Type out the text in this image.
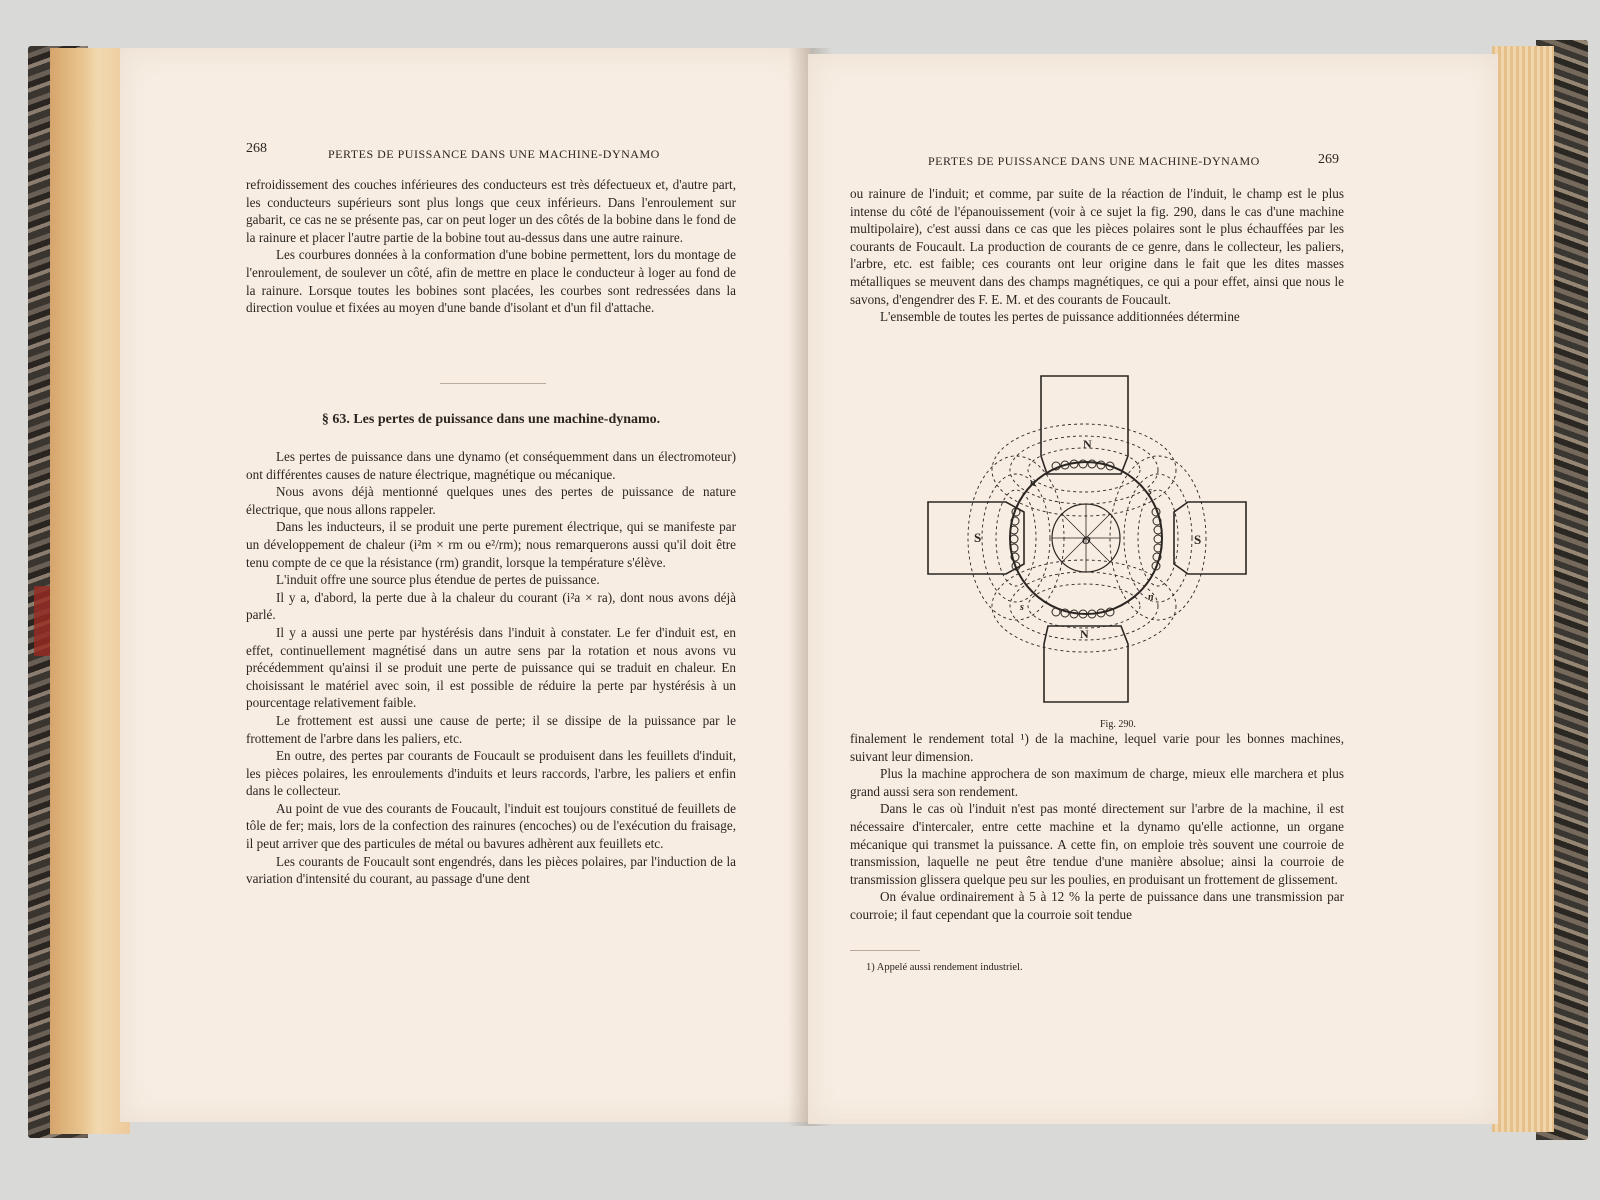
268	PERTES DE PUISSANCE DANS UNE MACHINE-DYNAMO

refroidissement des couches inférieures des conducteurs est très défectueux et, d'autre part, les conducteurs supérieurs sont plus longs que ceux inférieurs. Dans l'enroulement sur gabarit, ce cas ne se présente pas, car on peut loger un des côtés de la bobine dans le fond de la rainure et placer l'autre partie de la bobine tout au-dessus dans une autre rainure.

Les courbures données à la conformation d'une bobine permettent, lors du montage de l'enroulement, de soulever un côté, afin de mettre en place le conducteur à loger au fond de la rainure. Lorsque toutes les bobines sont placées, les courbes sont redressées dans la direction voulue et fixées au moyen d'une bande d'isolant et d'un fil d'attache.

§ 63. Les pertes de puissance dans une machine-dynamo.

Les pertes de puissance dans une dynamo (et conséquemment dans un électromoteur) ont différentes causes de nature électrique, magnétique ou mécanique.

Nous avons déjà mentionné quelques unes des pertes de puissance de nature électrique, que nous allons rappeler.

Dans les inducteurs, il se produit une perte purement électrique, qui se manifeste par un développement de chaleur (i²m × rm ou e²/rm); nous remarquerons aussi qu'il doit être tenu compte de ce que la résistance (rm) grandit, lorsque la température s'élève.

L'induit offre une source plus étendue de pertes de puissance.

Il y a, d'abord, la perte due à la chaleur du courant (i²a × ra), dont nous avons déjà parlé.

Il y a aussi une perte par hystérésis dans l'induit à constater. Le fer d'induit est, en effet, continuellement magnétisé dans un autre sens par la rotation et nous avons vu précédemment qu'ainsi il se produit une perte de puissance qui se traduit en chaleur. En choisissant le matériel avec soin, il est possible de réduire la perte par hystérésis à un pourcentage relativement faible.

Le frottement est aussi une cause de perte; il se dissipe de la puissance par le frottement de l'arbre dans les paliers, etc.

En outre, des pertes par courants de Foucault se produisent dans les feuillets d'induit, les pièces polaires, les enroulements d'induits et leurs raccords, l'arbre, les paliers et enfin dans le collecteur.

Au point de vue des courants de Foucault, l'induit est toujours constitué de feuillets de tôle de fer; mais, lors de la confection des rainures (encoches) ou de l'exécution du fraisage, il peut arriver que des particules de métal ou bavures adhèrent aux feuillets etc.

Les courants de Foucault sont engendrés, dans les pièces polaires, par l'induction de la variation d'intensité du courant, au passage d'une dent

PERTES DE PUISSANCE DANS UNE MACHINE-DYNAMO	269

ou rainure de l'induit; et comme, par suite de la réaction de l'induit, le champ est le plus intense du côté de l'épanouissement (voir à ce sujet la fig. 290, dans le cas d'une machine multipolaire), c'est aussi dans ce cas que les pièces polaires sont le plus échauffées par les courants de Foucault. La production de courants de ce genre, dans le collecteur, les paliers, l'arbre, etc. est faible; ces courants ont leur origine dans le fait que les dites masses métalliques se meuvent dans des champs magnétiques, ce qui a pour effet, ainsi que nous le savons, d'engendrer des F. E. M. et des courants de Foucault.

L'ensemble de toutes les pertes de puissance additionnées détermine

N
N
S	S
O
n
s
s
n
Fig. 290.

finalement le rendement total ¹) de la machine, lequel varie pour les bonnes machines, suivant leur dimension.

Plus la machine approchera de son maximum de charge, mieux elle marchera et plus grand aussi sera son rendement.

Dans le cas où l'induit n'est pas monté directement sur l'arbre de la machine, il est nécessaire d'intercaler, entre cette machine et la dynamo qu'elle actionne, un organe mécanique qui transmet la puissance. A cette fin, on emploie très souvent une courroie de transmission, laquelle ne peut être tendue d'une manière absolue; ainsi la courroie de transmission glissera quelque peu sur les poulies, en produisant un frottement de glissement.

On évalue ordinairement à 5 à 12 % la perte de puissance dans une transmission par courroie; il faut cependant que la courroie soit tendue

1) Appelé aussi rendement industriel.
